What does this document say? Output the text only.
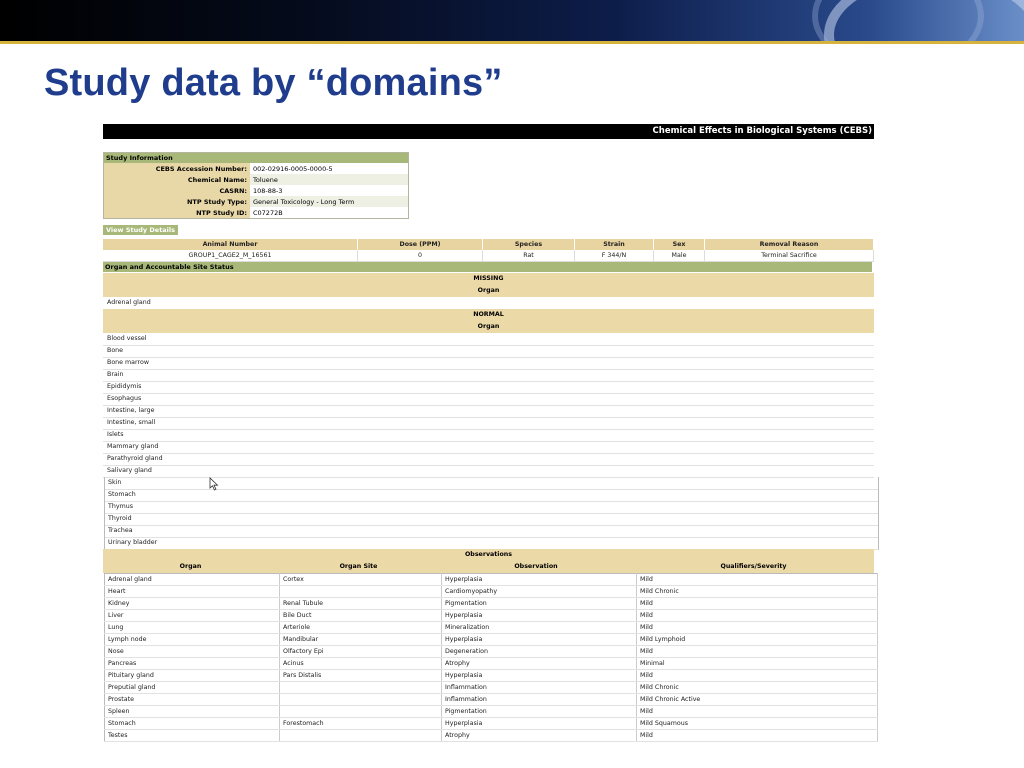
Study data by “domains”
Chemical Effects in Biological Systems (CEBS)
Study Information	
CEBS Accession Number:	002-02916-0005-0000-5
Chemical Name:	Toluene
CASRN:	108-88-3
NTP Study Type:	General Toxicology - Long Term
NTP Study ID:	C07272B
View Study Details
Animal Number	Dose (PPM)	Species	Strain	Sex	Removal Reason
GROUP1_CAGE2_M_16561	0	Rat	F 344/N	Male	Terminal Sacrifice
Organ and Accountable Site Status
MISSING
Organ
Adrenal gland
NORMAL
Organ
Blood vessel
Bone
Bone marrow
Brain
Epididymis
Esophagus
Intestine, large
Intestine, small
Islets
Mammary gland
Parathyroid gland
Salivary gland
Skin
Stomach
Thymus
Thyroid
Trachea
Urinary bladder
Observations
Organ	Organ Site	Observation	Qualifiers/Severity
Adrenal gland	Cortex	Hyperplasia	Mild
Heart		Cardiomyopathy	Mild Chronic
Kidney	Renal Tubule	Pigmentation	Mild
Liver	Bile Duct	Hyperplasia	Mild
Lung	Arteriole	Mineralization	Mild
Lymph node	Mandibular	Hyperplasia	Mild Lymphoid
Nose	Olfactory Epi	Degeneration	Mild
Pancreas	Acinus	Atrophy	Minimal
Pituitary gland	Pars Distalis	Hyperplasia	Mild
Preputial gland		Inflammation	Mild Chronic
Prostate		Inflammation	Mild Chronic Active
Spleen		Pigmentation	Mild
Stomach	Forestomach	Hyperplasia	Mild Squamous
Testes		Atrophy	Mild
